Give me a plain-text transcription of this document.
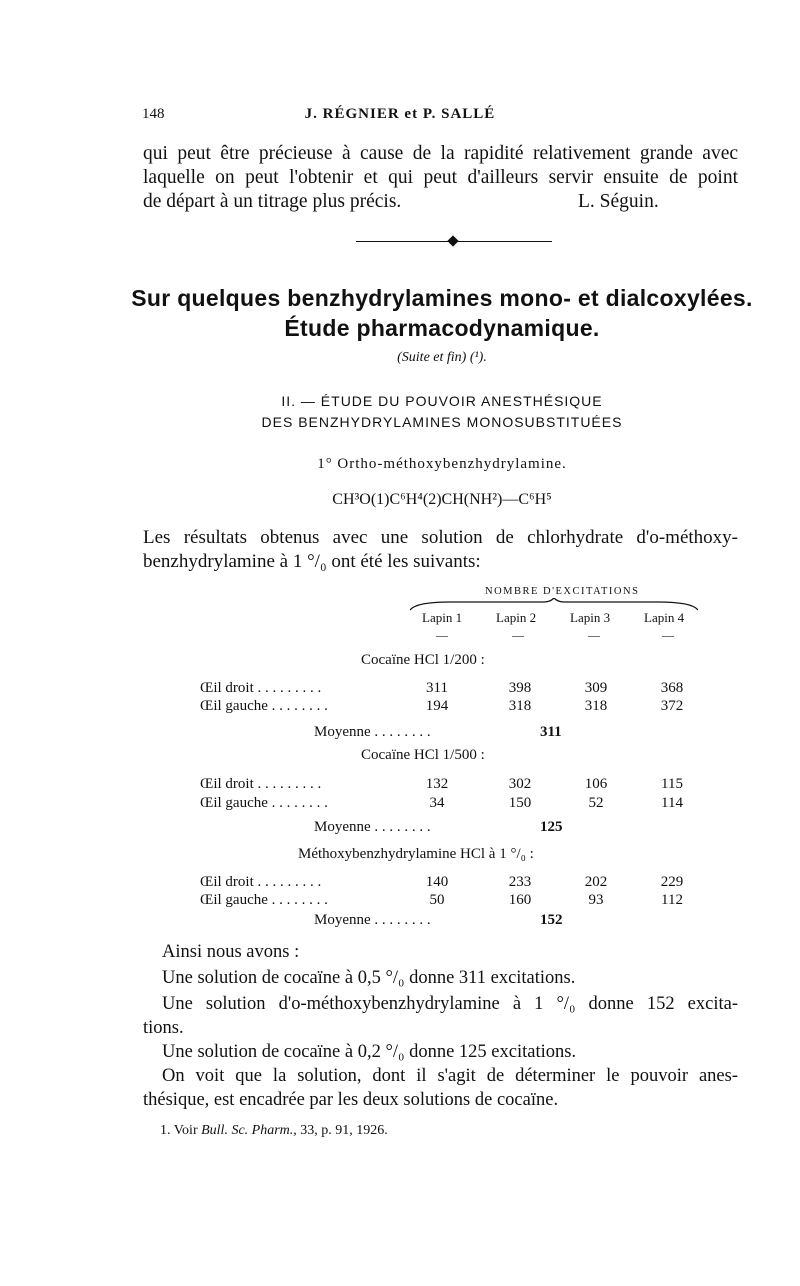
148	J. RÉGNIER et P. SALLÉ
qui peut être précieuse à cause de la rapidité relativement grande avec
laquelle on peut l'obtenir et qui peut d'ailleurs servir ensuite de point
de départ à un titrage plus précis.	L. Séguin.
Sur quelques benzhydrylamines mono- et dialcoxylées.
Étude pharmacodynamique.
(Suite et fin) (¹).
II. — ÉTUDE DU POUVOIR ANESTHÉSIQUE
DES BENZHYDRYLAMINES MONOSUBSTITUÉES
1° Ortho-méthoxybenzhydrylamine.
CH³O(1)C⁶H⁴(2)CH(NH²)—C⁶H⁵
Les résultats obtenus avec une solution de chlorhydrate d'o-méthoxy-
benzhydrylamine à 1 °/₀ ont été les suivants:
NOMBRE D'EXCITATIONS
Lapin 1	Lapin 2	Lapin 3	Lapin 4
—	—	—	—
Cocaïne HCl 1/200 :
Œil droit . . . . . . . . .	311	398	309	368
Œil gauche . . . . . . . .	194	318	318	372
Moyenne . . . . . . . .	311
Cocaïne HCl 1/500 :
Œil droit . . . . . . . . .	132	302	106	115
Œil gauche . . . . . . . .	34	150	52	114
Moyenne . . . . . . . .	125
Méthoxybenzhydrylamine HCl à 1 °/₀ :
Œil droit . . . . . . . . .	140	233	202	229
Œil gauche . . . . . . . .	50	160	93	112
Moyenne . . . . . . . .	152
Ainsi nous avons :
Une solution de cocaïne à 0,5 °/₀ donne 311 excitations.
Une solution d'o-méthoxybenzhydrylamine à 1 °/₀ donne 152 excita-
tions.
Une solution de cocaïne à 0,2 °/₀ donne 125 excitations.
On voit que la solution, dont il s'agit de déterminer le pouvoir anes-
thésique, est encadrée par les deux solutions de cocaïne.
1. Voir Bull. Sc. Pharm., 33, p. 91, 1926.
